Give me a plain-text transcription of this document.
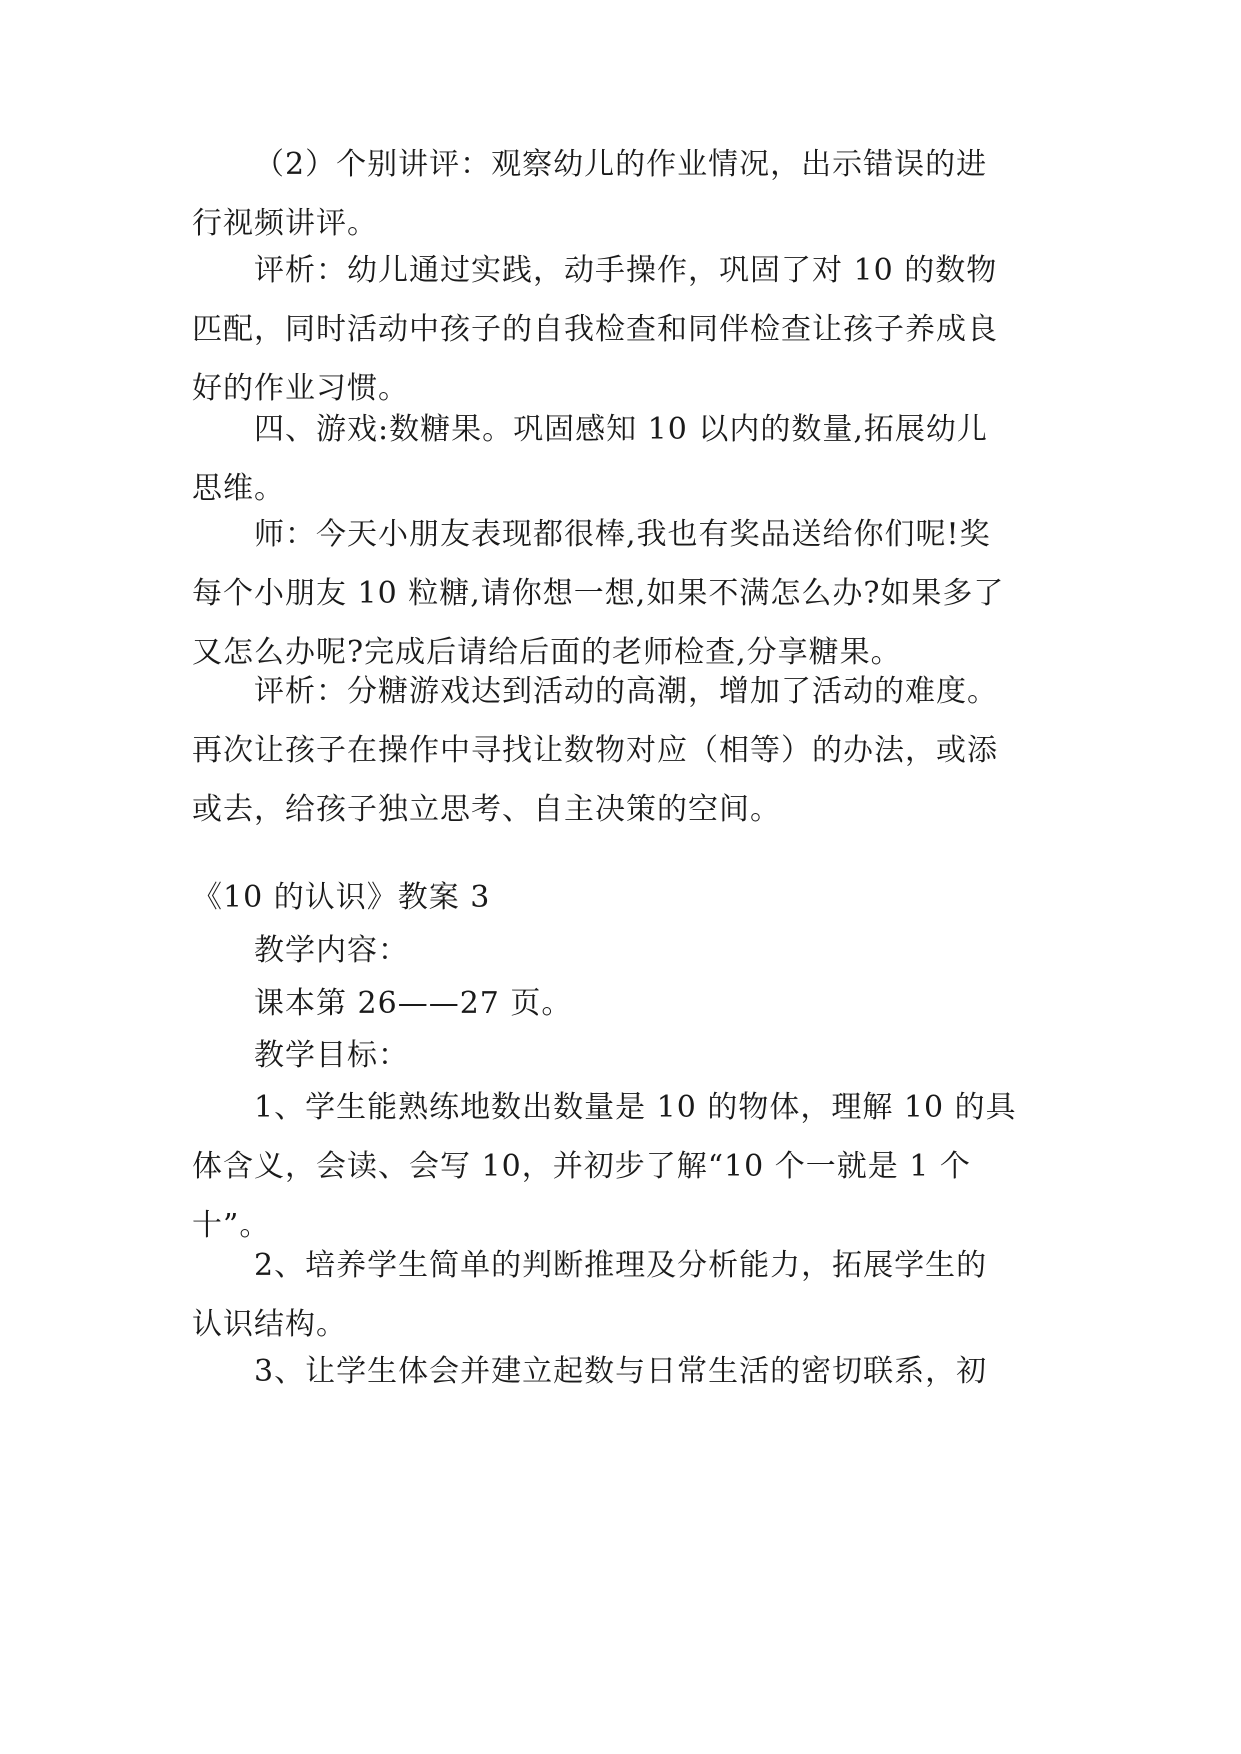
（2）个别讲评：观察幼儿的作业情况，出示错误的进
行视频讲评。
评析：幼儿通过实践，动手操作，巩固了对 10 的数物
匹配，同时活动中孩子的自我检查和同伴检查让孩子养成良
好的作业习惯。
四、游戏:数糖果。巩固感知 10 以内的数量,拓展幼儿
思维。
师：今天小朋友表现都很棒,我也有奖品送给你们呢!奖
每个小朋友 10 粒糖,请你想一想,如果不满怎么办?如果多了
又怎么办呢?完成后请给后面的老师检查,分享糖果。
评析：分糖游戏达到活动的高潮，增加了活动的难度。
再次让孩子在操作中寻找让数物对应（相等）的办法，或添
或去，给孩子独立思考、自主决策的空间。
《10 的认识》教案 3
教学内容：
课本第 26——27 页。
教学目标：
1、学生能熟练地数出数量是 10 的物体，理解 10 的具
体含义，会读、会写 10，并初步了解“10 个一就是 1 个
十”。
2、培养学生简单的判断推理及分析能力，拓展学生的
认识结构。
3、让学生体会并建立起数与日常生活的密切联系，初
